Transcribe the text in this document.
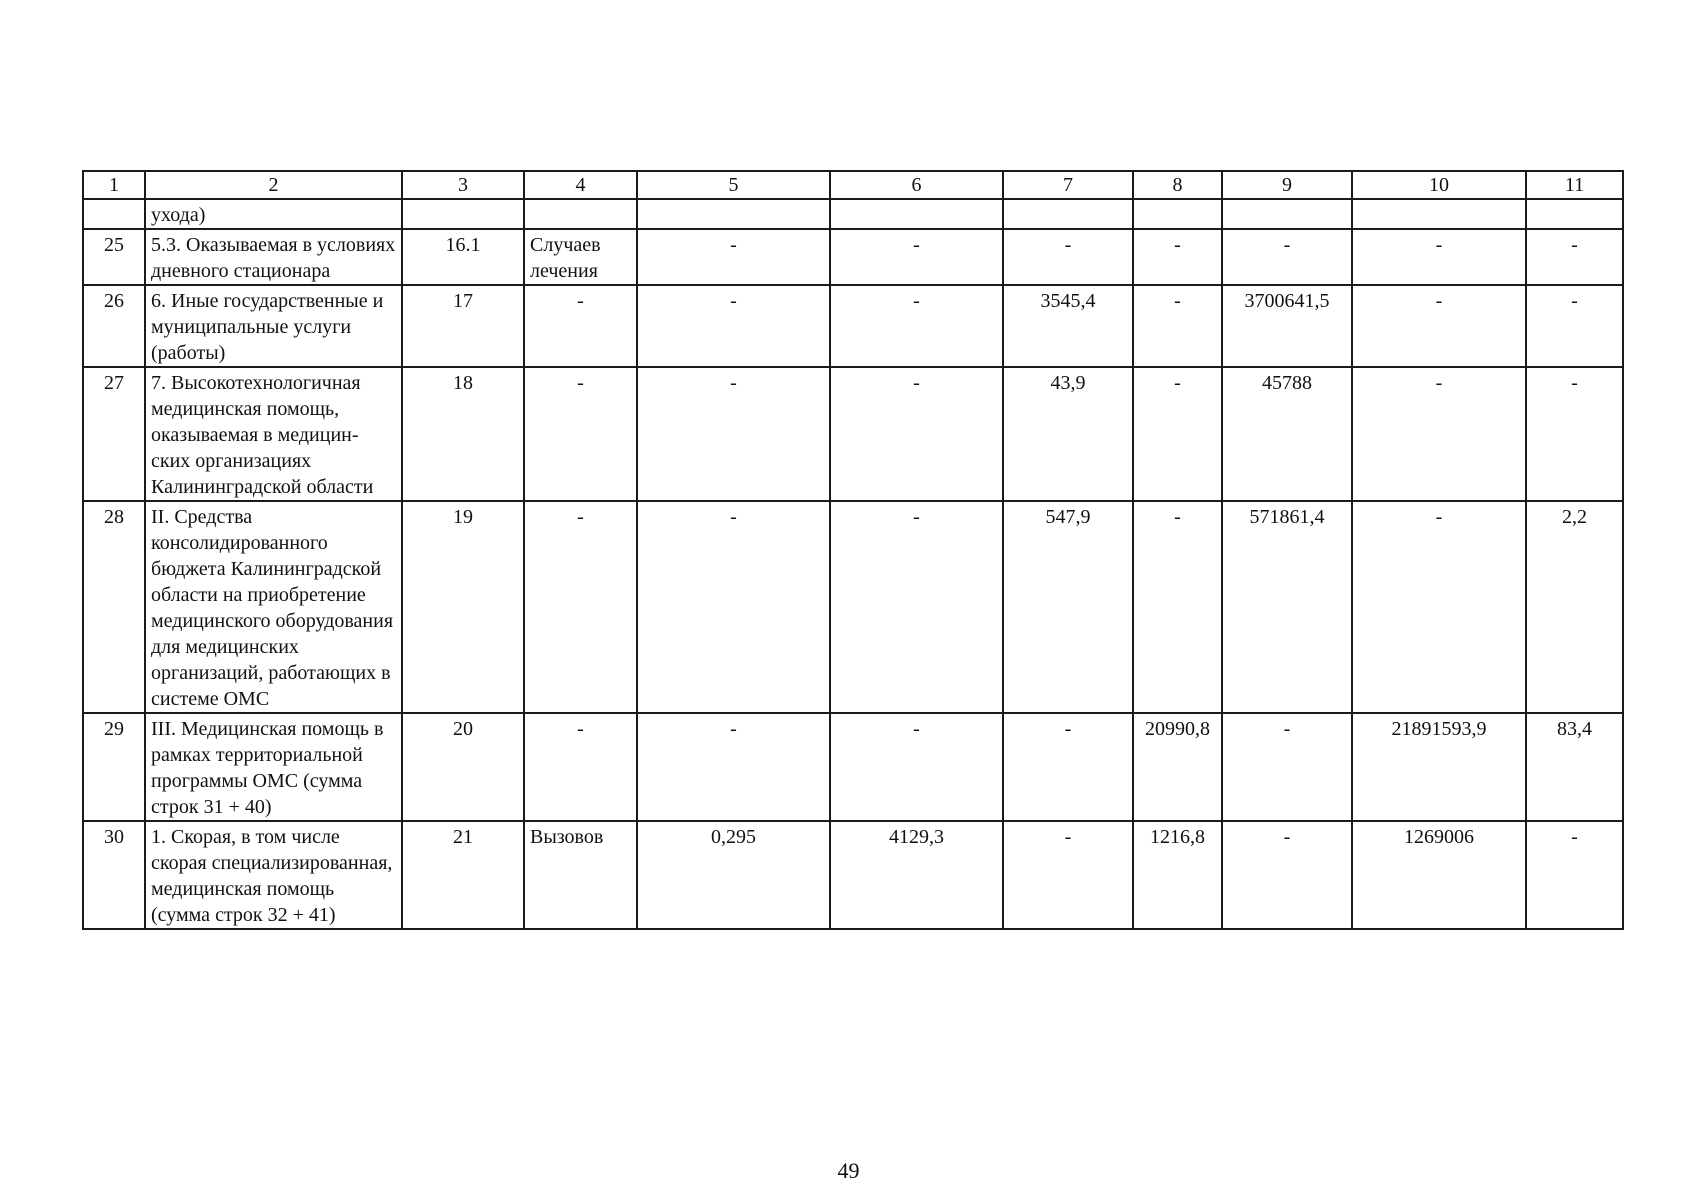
1	2	3	4	5	6	7	8	9	10	11
	ухода)									
25	5.3. Оказываемая в условиях дневного стационара	16.1	Случаев лечения	-	-	-	-	-	-	-
26	6. Иные государственные и муниципальные услуги (работы)	17	-	-	-	3545,4	-	3700641,5	-	-
27	7. Высокотехнологичная медицинская помощь, оказываемая в медицин-ских организациях Калининградской области	18	-	-	-	43,9	-	45788	-	-
28	II. Средства консолидированного бюджета Калининградской области на приобретение медицинского оборудования для медицинских организаций, работающих в системе ОМС	19	-	-	-	547,9	-	571861,4	-	2,2
29	III. Медицинская помощь в рамках территориальной программы ОМС (сумма строк 31 + 40)	20	-	-	-	-	20990,8	-	21891593,9	83,4
30	1. Скорая, в том числе скорая специализированная, медицинская помощь (сумма строк 32 + 41)	21	Вызовов	0,295	4129,3	-	1216,8	-	1269006	-
49
